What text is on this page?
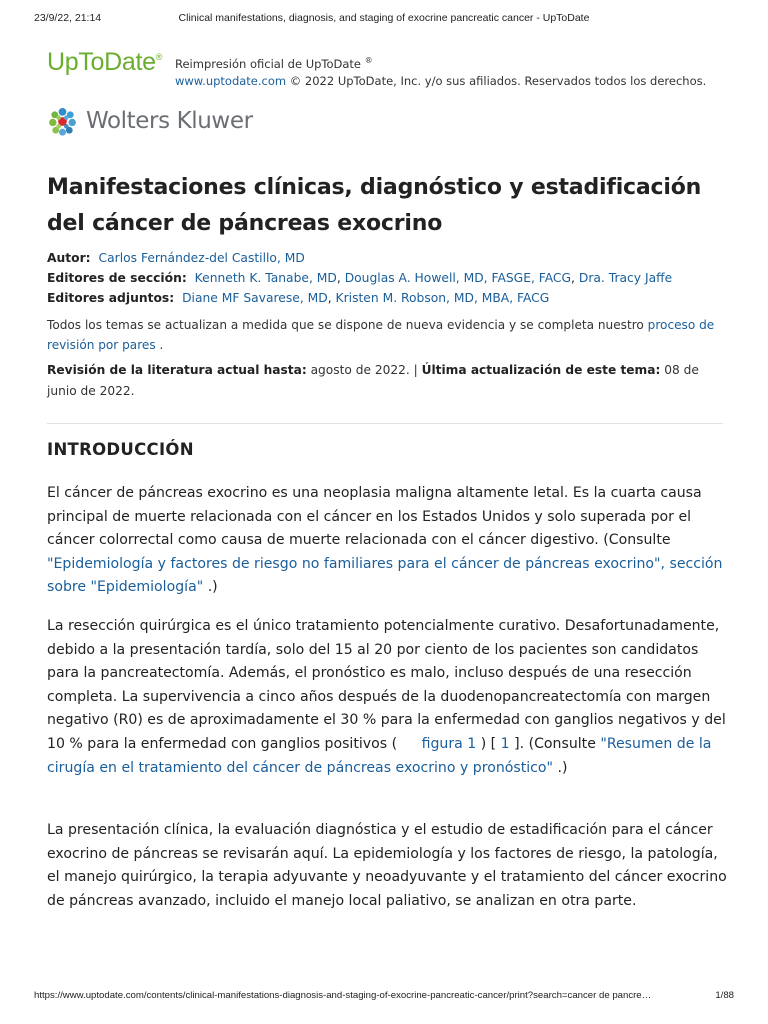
23/9/22, 21:14	Clinical manifestations, diagnosis, and staging of exocrine pancreatic cancer - UpToDate
UpToDate® Reimpresión oficial de UpToDate ®
www.uptodate.com © 2022 UpToDate, Inc. y/o sus afiliados. Reservados todos los derechos.
Wolters Kluwer
Manifestaciones clínicas, diagnóstico y estadificación del cáncer de páncreas exocrino
Autor: Carlos Fernández-del Castillo, MD
Editores de sección: Kenneth K. Tanabe, MD, Douglas A. Howell, MD, FASGE, FACG, Dra. Tracy Jaffe
Editores adjuntos: Diane MF Savarese, MD, Kristen M. Robson, MD, MBA, FACG

Todos los temas se actualizan a medida que se dispone de nueva evidencia y se completa nuestro proceso de revisión por pares .

Revisión de la literatura actual hasta: agosto de 2022. | Última actualización de este tema: 08 de junio de 2022.

INTRODUCCIÓN

El cáncer de páncreas exocrino es una neoplasia maligna altamente letal. Es la cuarta causa principal de muerte relacionada con el cáncer en los Estados Unidos y solo superada por el cáncer colorrectal como causa de muerte relacionada con el cáncer digestivo. (Consulte "Epidemiología y factores de riesgo no familiares para el cáncer de páncreas exocrino", sección sobre "Epidemiología" .)

La resección quirúrgica es el único tratamiento potencialmente curativo. Desafortunadamente, debido a la presentación tardía, solo del 15 al 20 por ciento de los pacientes son candidatos para la pancreatectomía. Además, el pronóstico es malo, incluso después de una resección completa. La supervivencia a cinco años después de la duodenopancreatectomía con margen negativo (R0) es de aproximadamente el 30 % para la enfermedad con ganglios negativos y del 10 % para la enfermedad con ganglios positivos ( figura 1 ) [ 1 ]. (Consulte "Resumen de la cirugía en el tratamiento del cáncer de páncreas exocrino y pronóstico" .)

La presentación clínica, la evaluación diagnóstica y el estudio de estadificación para el cáncer exocrino de páncreas se revisarán aquí. La epidemiología y los factores de riesgo, la patología, el manejo quirúrgico, la terapia adyuvante y neoadyuvante y el tratamiento del cáncer exocrino de páncreas avanzado, incluido el manejo local paliativo, se analizan en otra parte.

https://www.uptodate.com/contents/clinical-manifestations-diagnosis-and-staging-of-exocrine-pancreatic-cancer/print?search=cancer de pancre…	1/88
